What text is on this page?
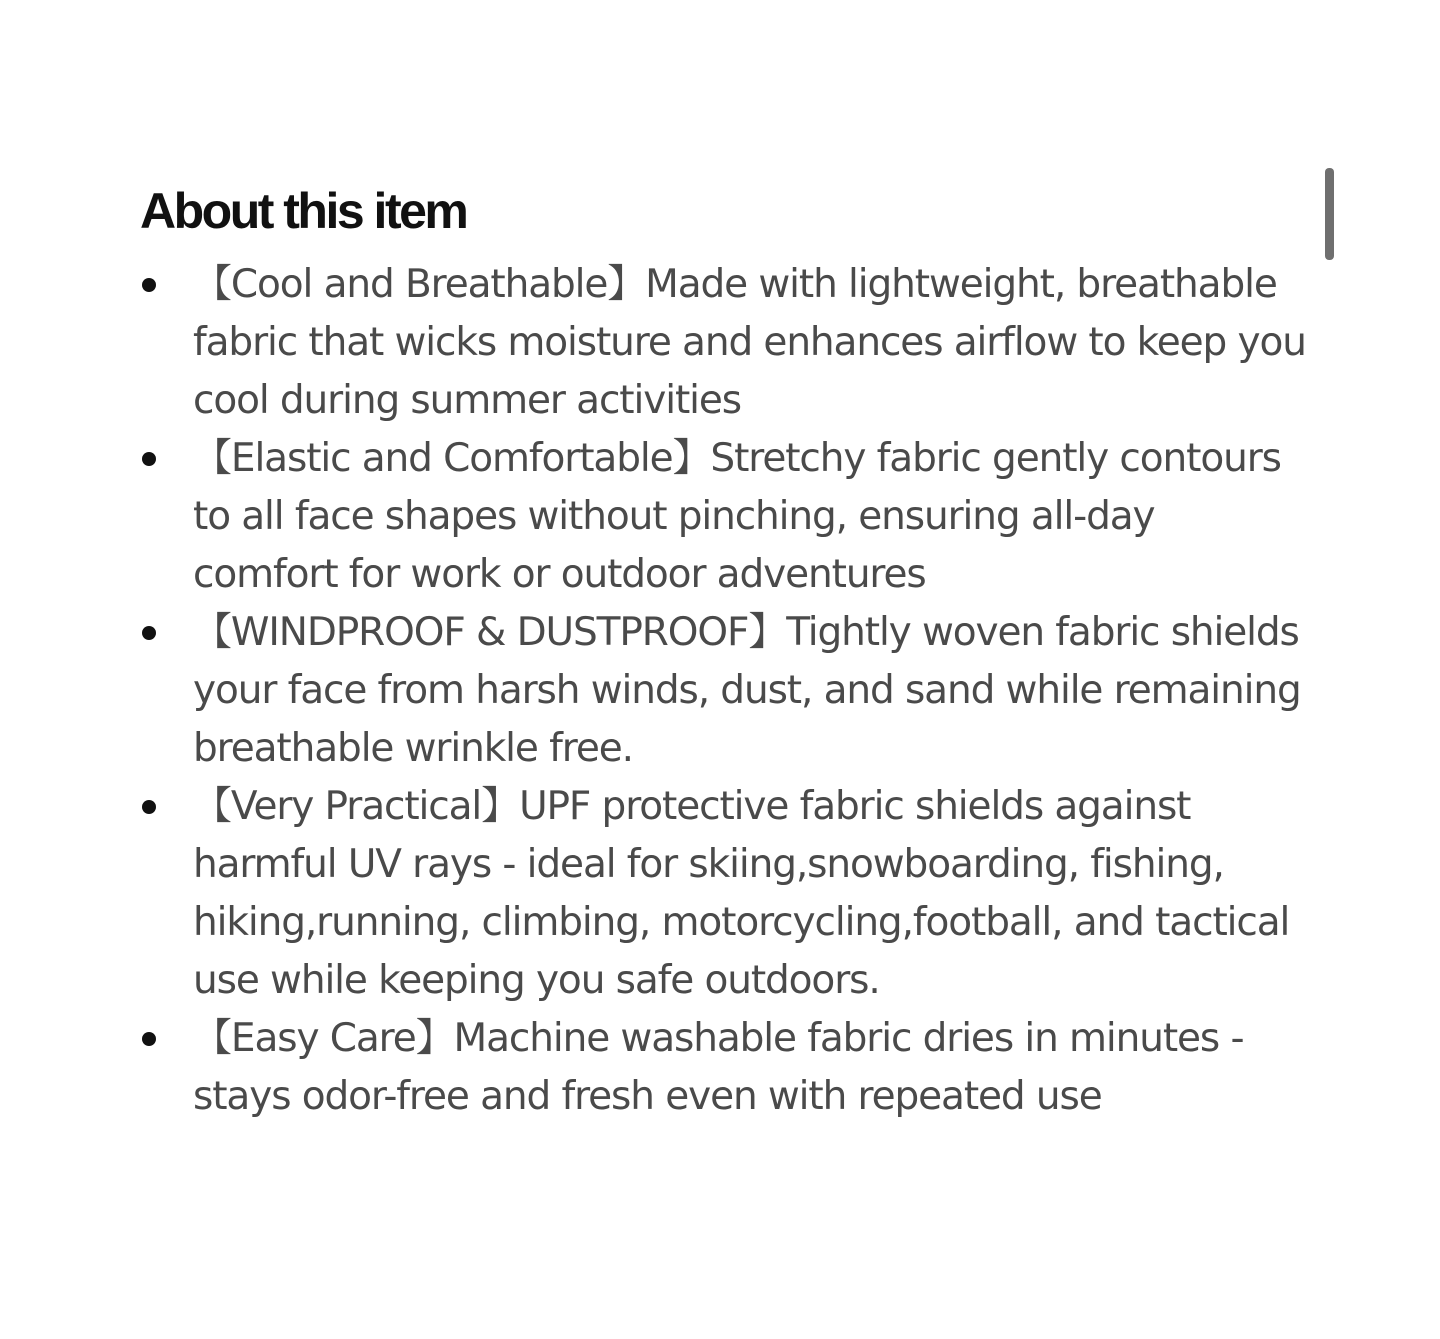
About this item
【Cool and Breathable】Made with lightweight, breathable fabric that wicks moisture and enhances airflow to keep you cool during summer activities
【Elastic and Comfortable】Stretchy fabric gently contours to all face shapes without pinching, ensuring all-day comfort for work or outdoor adventures
【WINDPROOF & DUSTPROOF】Tightly woven fabric shields your face from harsh winds, dust, and sand while remaining breathable wrinkle free.
【Very Practical】UPF protective fabric shields against harmful UV rays - ideal for skiing,snowboarding, fishing, hiking,running, climbing, motorcycling,football, and tactical use while keeping you safe outdoors.
【Easy Care】Machine washable fabric dries in minutes - stays odor-free and fresh even with repeated use
